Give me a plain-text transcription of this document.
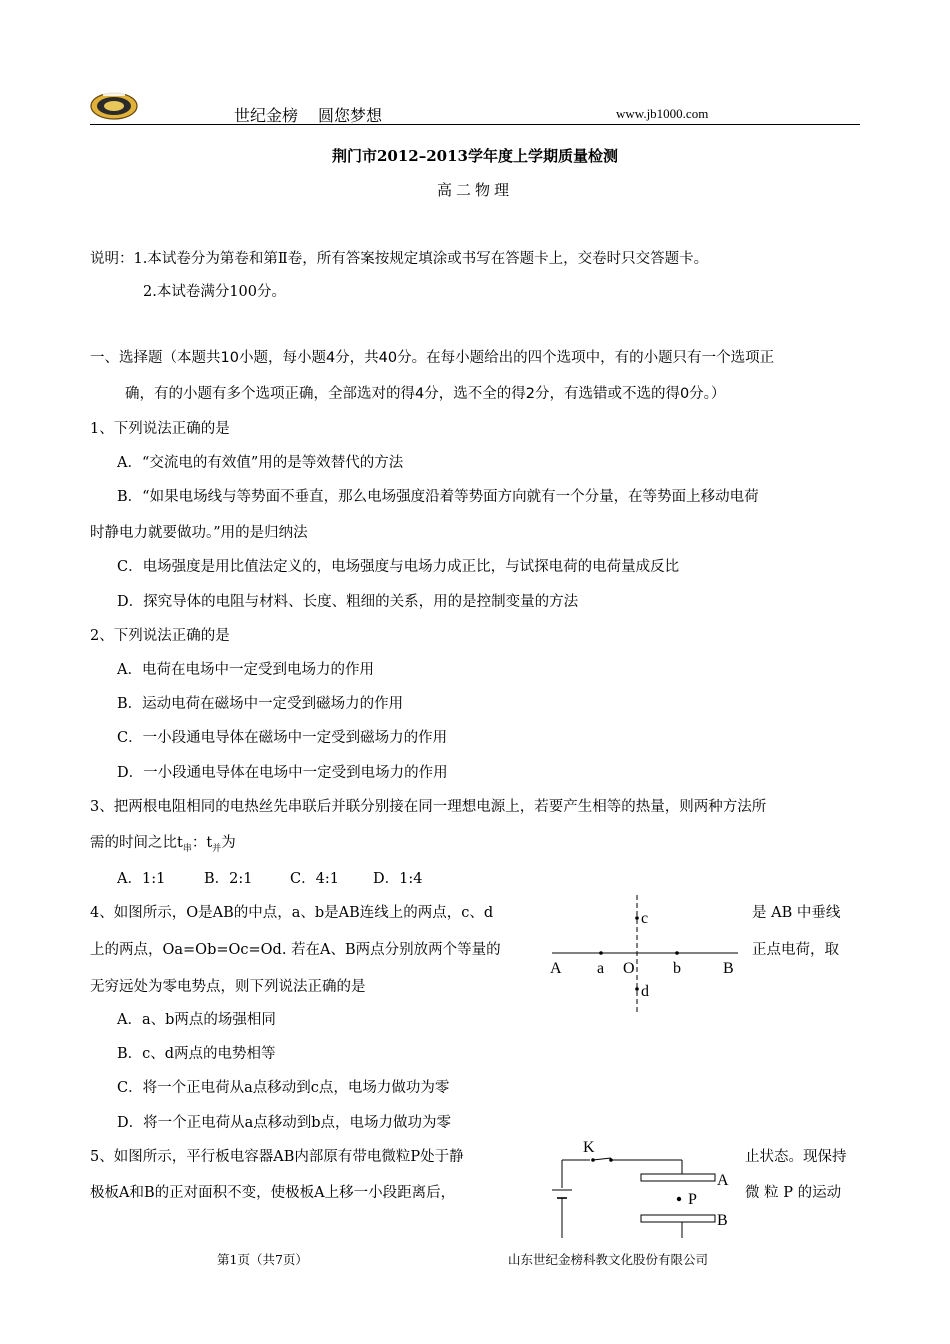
世纪金榜 圆您梦想	www.jb1000.com
荆门市2012–2013学年度上学期质量检测
高二物理
说明：1.本试卷分为第卷和第Ⅱ卷，所有答案按规定填涂或书写在答题卡上，交卷时只交答题卡。
2.本试卷满分100分。
一、选择题（本题共10小题，每小题4分，共40分。在每小题给出的四个选项中，有的小题只有一个选项正
确，有的小题有多个选项正确，全部选对的得4分，选不全的得2分，有选错或不选的得0分。）
1、下列说法正确的是
A．“交流电的有效值”用的是等效替代的方法
B．“如果电场线与等势面不垂直，那么电场强度沿着等势面方向就有一个分量，在等势面上移动电荷
时静电力就要做功。”用的是归纳法
C．电场强度是用比值法定义的，电场强度与电场力成正比，与试探电荷的电荷量成反比
D．探究导体的电阻与材料、长度、粗细的关系，用的是控制变量的方法
2、下列说法正确的是
A．电荷在电场中一定受到电场力的作用
B．运动电荷在磁场中一定受到磁场力的作用
C．一小段通电导体在磁场中一定受到磁场力的作用
D．一小段通电导体在电场中一定受到电场力的作用
3、把两根电阻相同的电热丝先串联后并联分别接在同一理想电源上，若要产生相等的热量，则两种方法所
需的时间之比$t_串$：$t_并$为
A．1:1	B．2:1	C．4:1 D．1:4
4、如图所示，O是AB的中点，a、b是AB连线上的两点，c、d	是 AB 中垂线
上的两点，Oa=Ob=Oc=Od. 若在A、B两点分别放两个等量的	正点电荷，取
无穷远处为零电势点，则下列说法正确的是
A．a、b两点的场强相同
B．c、d两点的电势相等
C．将一个正电荷从a点移动到c点，电场力做功为零
D．将一个正电荷从a点移动到b点，电场力做功为零
A a O b	B
c
d
5、如图所示，平行板电容器AB内部原有带电微粒P处于静	止状态。现保持
极板A和B的正对面积不变，使极板A上移一小段距离后，	微 粒 P 的运动
K
A
P
B
第1页（共7页）	山东世纪金榜科教文化股份有限公司
